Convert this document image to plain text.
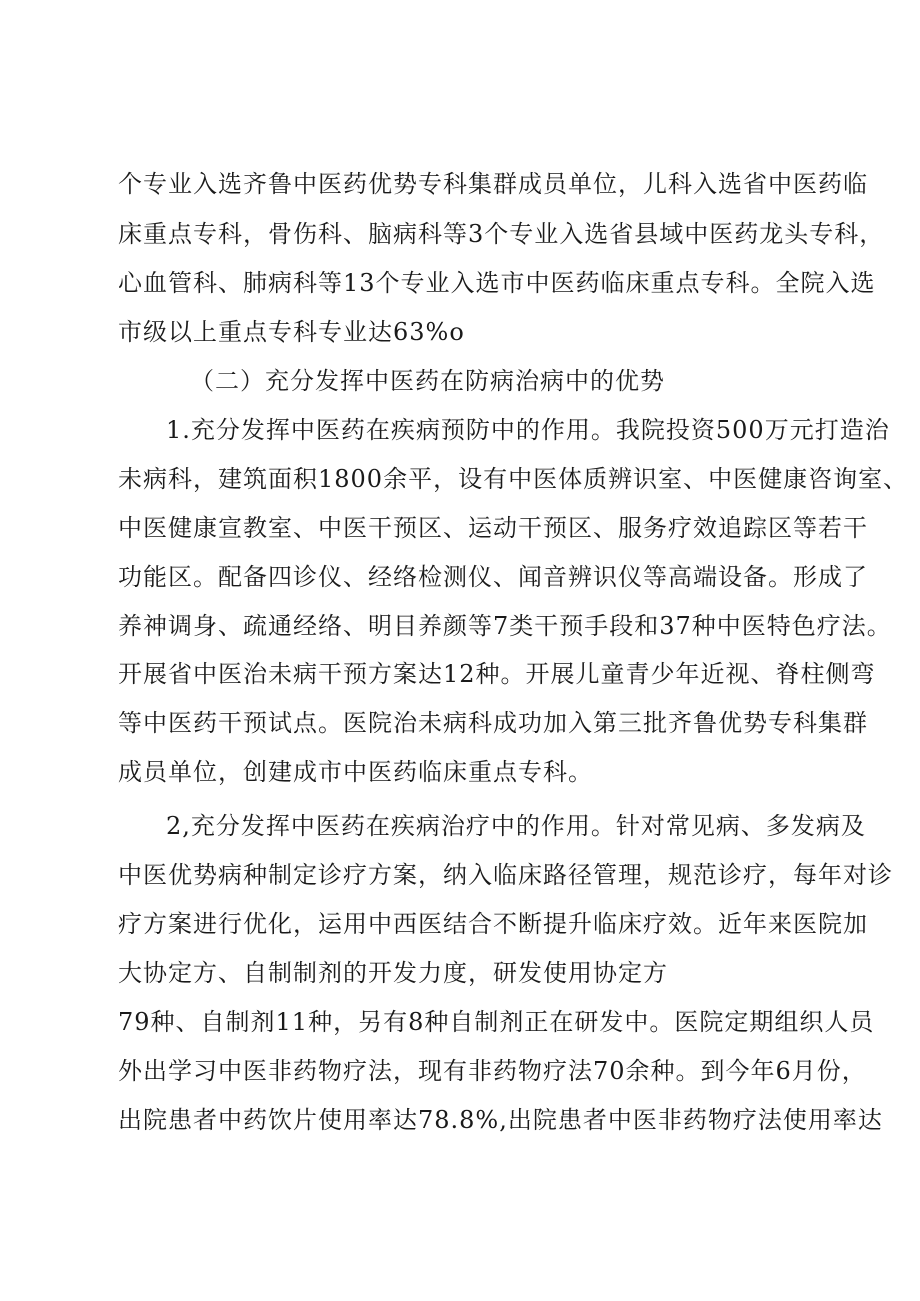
个专业入选齐鲁中医药优势专科集群成员单位，儿科入选省中医药临
床重点专科，骨伤科、脑病科等3个专业入选省县域中医药龙头专科，
心血管科、肺病科等13个专业入选市中医药临床重点专科。全院入选
市级以上重点专科专业达63%o
（二）充分发挥中医药在防病治病中的优势
1.充分发挥中医药在疾病预防中的作用。我院投资500万元打造治
未病科，建筑面积1800余平，设有中医体质辨识室、中医健康咨询室、
中医健康宣教室、中医干预区、运动干预区、服务疗效追踪区等若干
功能区。配备四诊仪、经络检测仪、闻音辨识仪等高端设备。形成了
养神调身、疏通经络、明目养颜等7类干预手段和37种中医特色疗法。
开展省中医治未病干预方案达12种。开展儿童青少年近视、脊柱侧弯
等中医药干预试点。医院治未病科成功加入第三批齐鲁优势专科集群
成员单位，创建成市中医药临床重点专科。
2,充分发挥中医药在疾病治疗中的作用。针对常见病、多发病及
中医优势病种制定诊疗方案，纳入临床路径管理，规范诊疗，每年对诊
疗方案进行优化，运用中西医结合不断提升临床疗效。近年来医院加
大协定方、自制制剂的开发力度，研发使用协定方
79种、自制剂11种，另有8种自制剂正在研发中。医院定期组织人员
外出学习中医非药物疗法，现有非药物疗法70余种。到今年6月份，
出院患者中药饮片使用率达78.8%,出院患者中医非药物疗法使用率达
